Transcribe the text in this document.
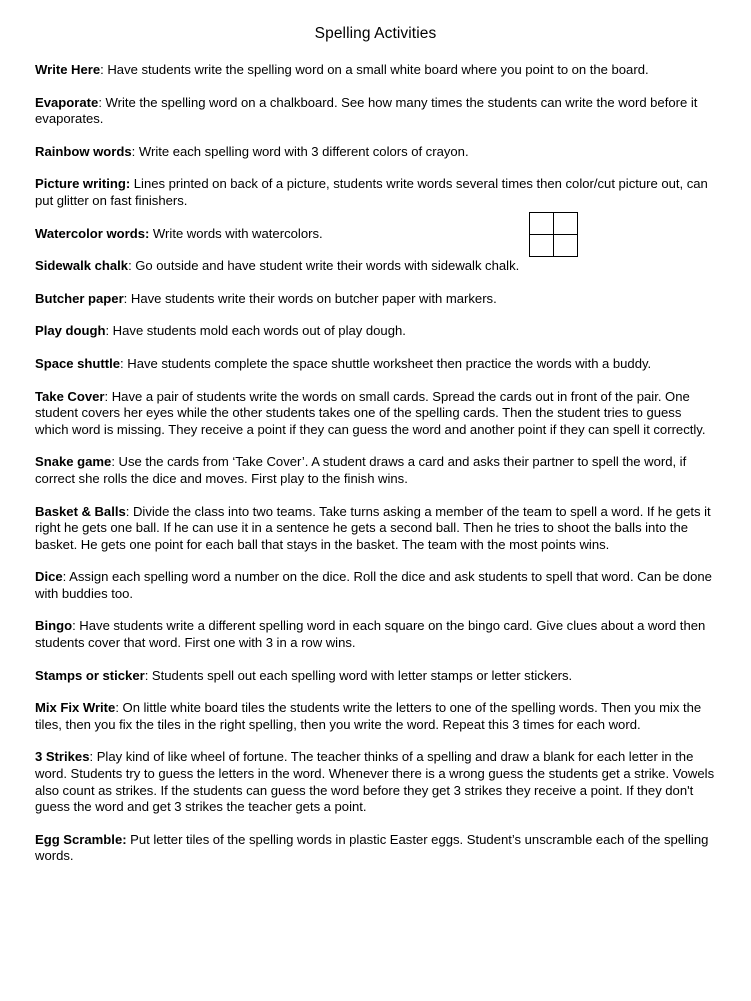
Spelling Activities

Write Here: Have students write the spelling word on a small white board where you point to on the board.

Evaporate: Write the spelling word on a chalkboard. See how many times the students can write the word before it evaporates.

Rainbow words: Write each spelling word with 3 different colors of crayon.

Picture writing: Lines printed on back of a picture, students write words several times then color/cut picture out, can put glitter on fast finishers.

Watercolor words: Write words with watercolors.

Sidewalk chalk: Go outside and have student write their words with sidewalk chalk.

Butcher paper: Have students write their words on butcher paper with markers.

Play dough: Have students mold each words out of play dough.

Space shuttle: Have students complete the space shuttle worksheet then practice the words with a buddy.

Take Cover: Have a pair of students write the words on small cards. Spread the cards out in front of the pair. One student covers her eyes while the other students takes one of the spelling cards. Then the student tries to guess which word is missing. They receive a point if they can guess the word and another point if they can spell it correctly.

Snake game: Use the cards from ‘Take Cover’. A student draws a card and asks their partner to spell the word, if correct she rolls the dice and moves. First play to the finish wins.

Basket & Balls: Divide the class into two teams. Take turns asking a member of the team to spell a word. If he gets it right he gets one ball. If he can use it in a sentence he gets a second ball. Then he tries to shoot the balls into the basket. He gets one point for each ball that stays in the basket. The team with the most points wins.

Dice: Assign each spelling word a number on the dice. Roll the dice and ask students to spell that word. Can be done with buddies too.

Bingo: Have students write a different spelling word in each square on the bingo card. Give clues about a word then students cover that word. First one with 3 in a row wins.

Stamps or sticker: Students spell out each spelling word with letter stamps or letter stickers.

Mix Fix Write: On little white board tiles the students write the letters to one of the spelling words. Then you mix the tiles, then you fix the tiles in the right spelling, then you write the word. Repeat this 3 times for each word.

3 Strikes: Play kind of like wheel of fortune. The teacher thinks of a spelling and draw a blank for each letter in the word. Students try to guess the letters in the word. Whenever there is a wrong guess the students get a strike. Vowels also count as strikes. If the students can guess the word before they get 3 strikes they receive a point. If they don't guess the word and get 3 strikes the teacher gets a point.

Egg Scramble: Put letter tiles of the spelling words in plastic Easter eggs. Student’s unscramble each of the spelling words.
